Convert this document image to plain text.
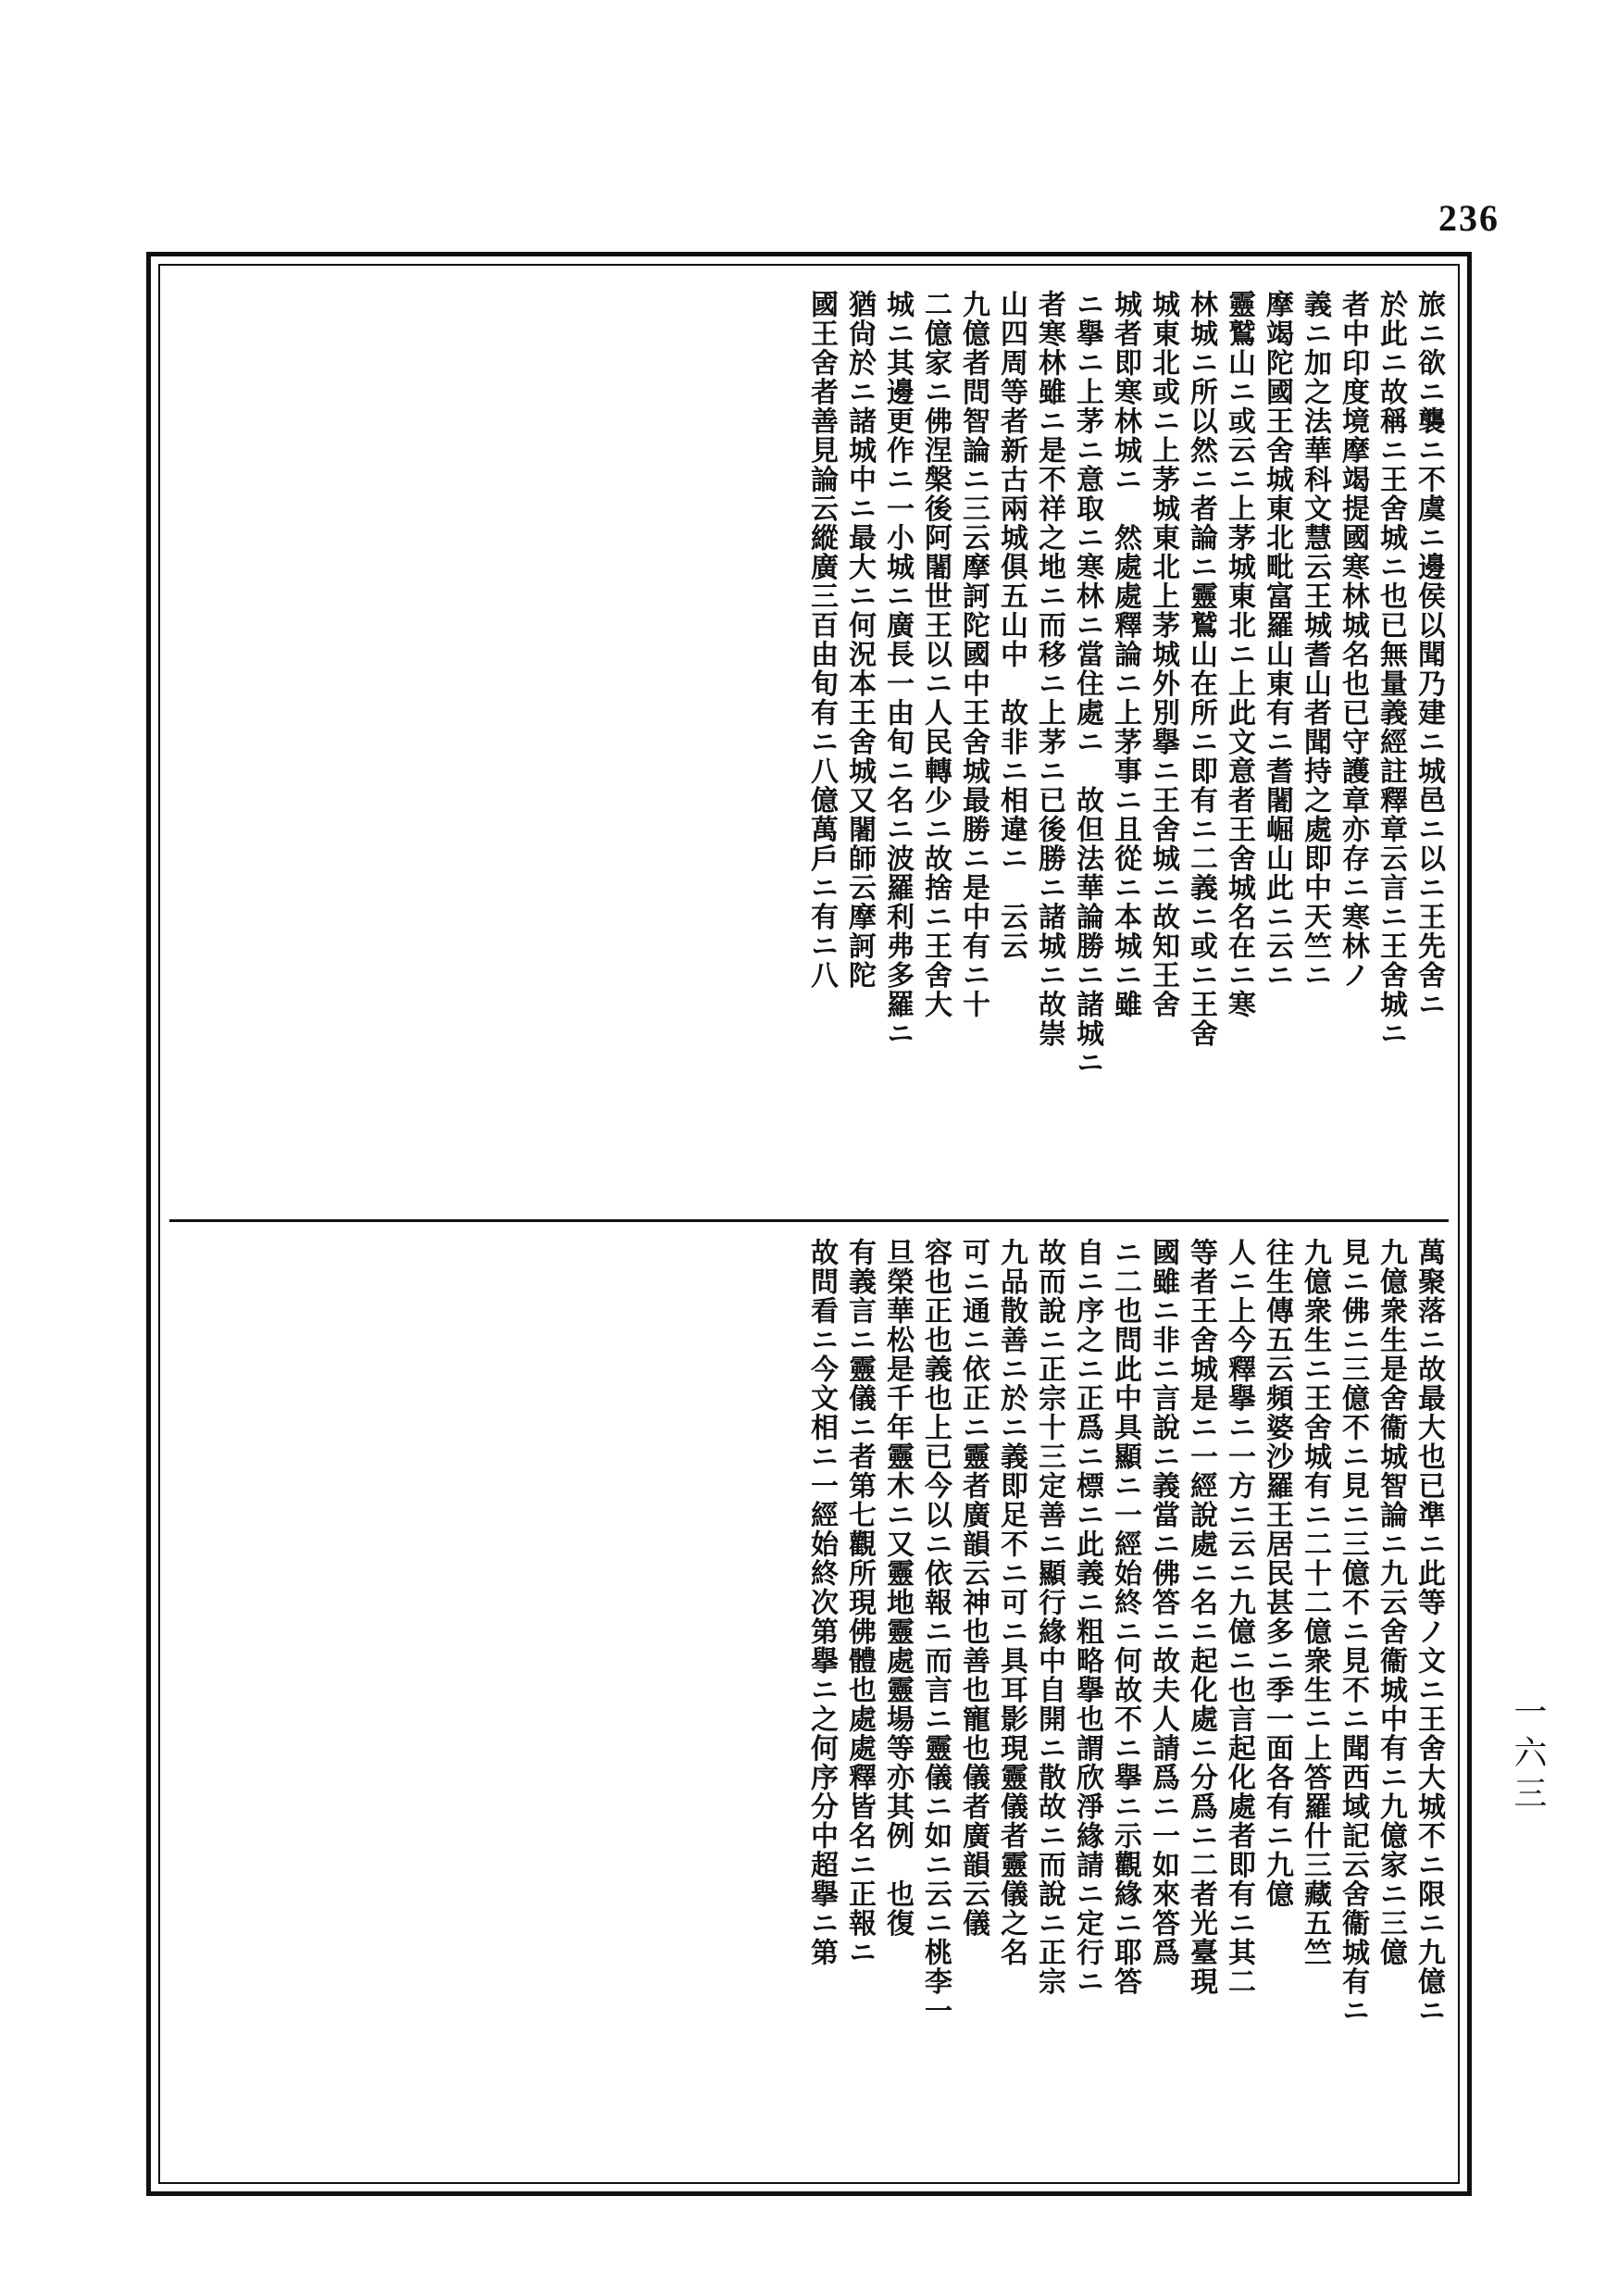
236
旅ニ欲ニ襲ニ不虞ニ邊侯以聞乃建ニ城邑ニ以ニ王先舍ニ
於此ニ故稱ニ王舍城ニ也已無量義經註釋章云言ニ王舍城ニ
者中印度境摩竭提國寒林城名也已守護章亦存ニ寒林ノ
義ニ加之法華科文慧云王城耆山者聞持之處即中天竺ニ
摩竭陀國王舍城東北毗富羅山東有ニ耆闍崛山此ニ云ニ
靈鷲山ニ或云ニ上茅城東北ニ上此文意者王舍城名在ニ寒
林城ニ所以然ニ者論ニ靈鷲山在所ニ即有ニ二義ニ或ニ王舍
城東北或ニ上茅城東北上茅城外別擧ニ王舍城ニ故知王舍
城者即寒林城ニ　然處處釋論ニ上茅事ニ且從ニ本城ニ雖
ニ擧ニ上茅ニ意取ニ寒林ニ當住處ニ　故但法華論勝ニ諸城ニ
者寒林雖ニ是不祥之地ニ而移ニ上茅ニ已後勝ニ諸城ニ故崇
山四周等者新古兩城俱五山中　故非ニ相違ニ　云云
九億者問智論ニ三云摩訶陀國中王舍城最勝ニ是中有ニ十
二億家ニ佛涅槃後阿闍世王以ニ人民轉少ニ故捨ニ王舍大
城ニ其邊更作ニ一小城ニ廣長一由旬ニ名ニ波羅利弗多羅ニ
猶尙於ニ諸城中ニ最大ニ何況本王舍城又闍師云摩訶陀
國王舍者善見論云縱廣三百由旬有ニ八億萬戶ニ有ニ八
萬聚落ニ故最大也已準ニ此等ノ文ニ王舍大城不ニ限ニ九億ニ
九億衆生是舍衞城智論ニ九云舍衞城中有ニ九億家ニ三億
見ニ佛ニ三億不ニ見ニ三億不ニ見不ニ聞西域記云舍衞城有ニ
九億衆生ニ王舍城有ニ二十二億衆生ニ上答羅什三藏五竺
往生傳五云頻婆沙羅王居民甚多ニ季一面各有ニ九億
人ニ上今釋擧ニ一方ニ云ニ九億ニ也言起化處者即有ニ其二
等者王舍城是ニ一經說處ニ名ニ起化處ニ分爲ニ二者光臺現
國雖ニ非ニ言說ニ義當ニ佛答ニ故夫人請爲ニ一如來答爲
ニ二也問此中具顯ニ一經始終ニ何故不ニ擧ニ示觀緣ニ耶答
自ニ序之ニ正爲ニ標ニ此義ニ粗略擧也謂欣淨緣請ニ定行ニ
故而說ニ正宗十三定善ニ顯行緣中自開ニ散故ニ而說ニ正宗
九品散善ニ於ニ義即足不ニ可ニ具耳影現靈儀者靈儀之名
可ニ通ニ依正ニ靈者廣韻云神也善也寵也儀者廣韻云儀
容也正也義也上已今以ニ依報ニ而言ニ靈儀ニ如ニ云ニ桃李一
旦榮華松是千年靈木ニ又靈地靈處靈場等亦其例　也復
有義言ニ靈儀ニ者第七觀所現佛體也處處釋皆名ニ正報ニ
故問看ニ今文相ニ一經始終次第擧ニ之何序分中超擧ニ第	一六三
